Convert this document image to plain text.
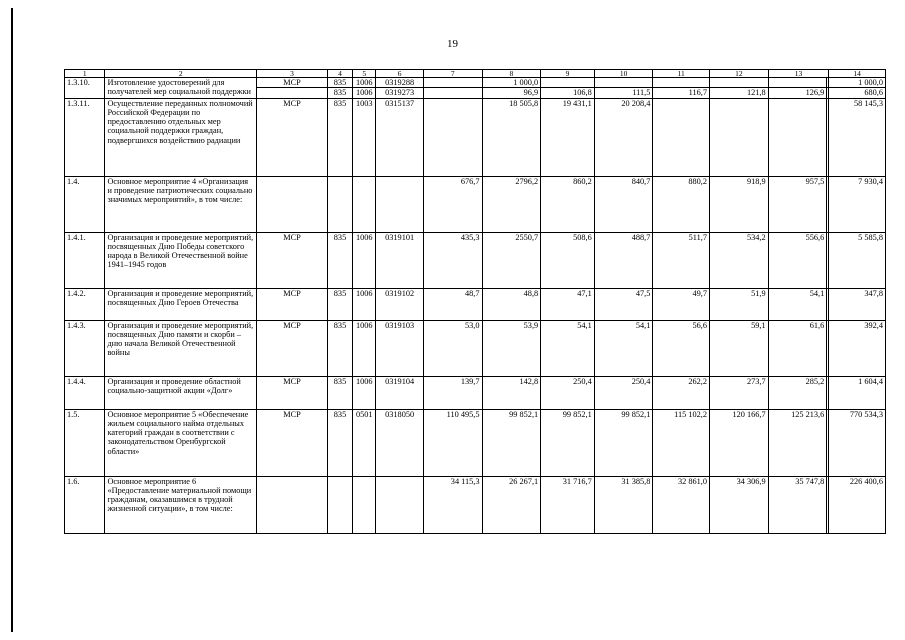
19
1	2	3	4	5	6	7	8	9	10	11	12	13		14
1.3.10.	Изготовление удостоверений для получателей мер социальной поддержки	МСР	835	1006	0319288		1 000,0							1 000,0
			835	1006	0319273		96,9	106,8	111,5	116,7	121,8	126,9		680,6
1.3.11.	Осуществление переданных полномочий Российской Федерации по предоставлению отдельных мер социальной поддержки граждан, подвергшихся воздействию радиации	МСР	835	1003	0315137		18 505,8	19 431,1	20 208,4					58 145,3
1.4.	Основное мероприятие 4 «Организация и проведение патриотических социально значимых мероприятий», в том числе:					676,7	2796,2	860,2	840,7	880,2	918,9	957,5		7 930,4
1.4.1.	Организация и проведение мероприятий, посвященных Дню Победы советского народа в Великой Отечественной войне 1941–1945 годов	МСР	835	1006	0319101	435,3	2550,7	508,6	488,7	511,7	534,2	556,6		5 585,8
1.4.2.	Организация и проведение мероприятий, посвященных Дню Героев Отечества	МСР	835	1006	0319102	48,7	48,8	47,1	47,5	49,7	51,9	54,1		347,8
1.4.3.	Организация и проведение мероприятий, посвященных Дню памяти и скорби – дню начала Великой Отечественной войны	МСР	835	1006	0319103	53,0	53,9	54,1	54,1	56,6	59,1	61,6		392,4
1.4.4.	Организация и проведение областной социально-защитной акции «Долг»	МСР	835	1006	0319104	139,7	142,8	250,4	250,4	262,2	273,7	285,2		1 604,4
1.5.	Основное мероприятие 5 «Обеспечение жильем социального найма отдельных категорий граждан в соответствии с законодательством Оренбургской области»	МСР	835	0501	0318050	110 495,5	99 852,1	99 852,1	99 852,1	115 102,2	120 166,7	125 213,6		770 534,3
1.6.	Основное мероприятие 6 «Предоставление материальной помощи гражданам, оказавшимся в трудной жизненной ситуации», в том числе:					34 115,3	26 267,1	31 716,7	31 385,8	32 861,0	34 306,9	35 747,8		226 400,6
